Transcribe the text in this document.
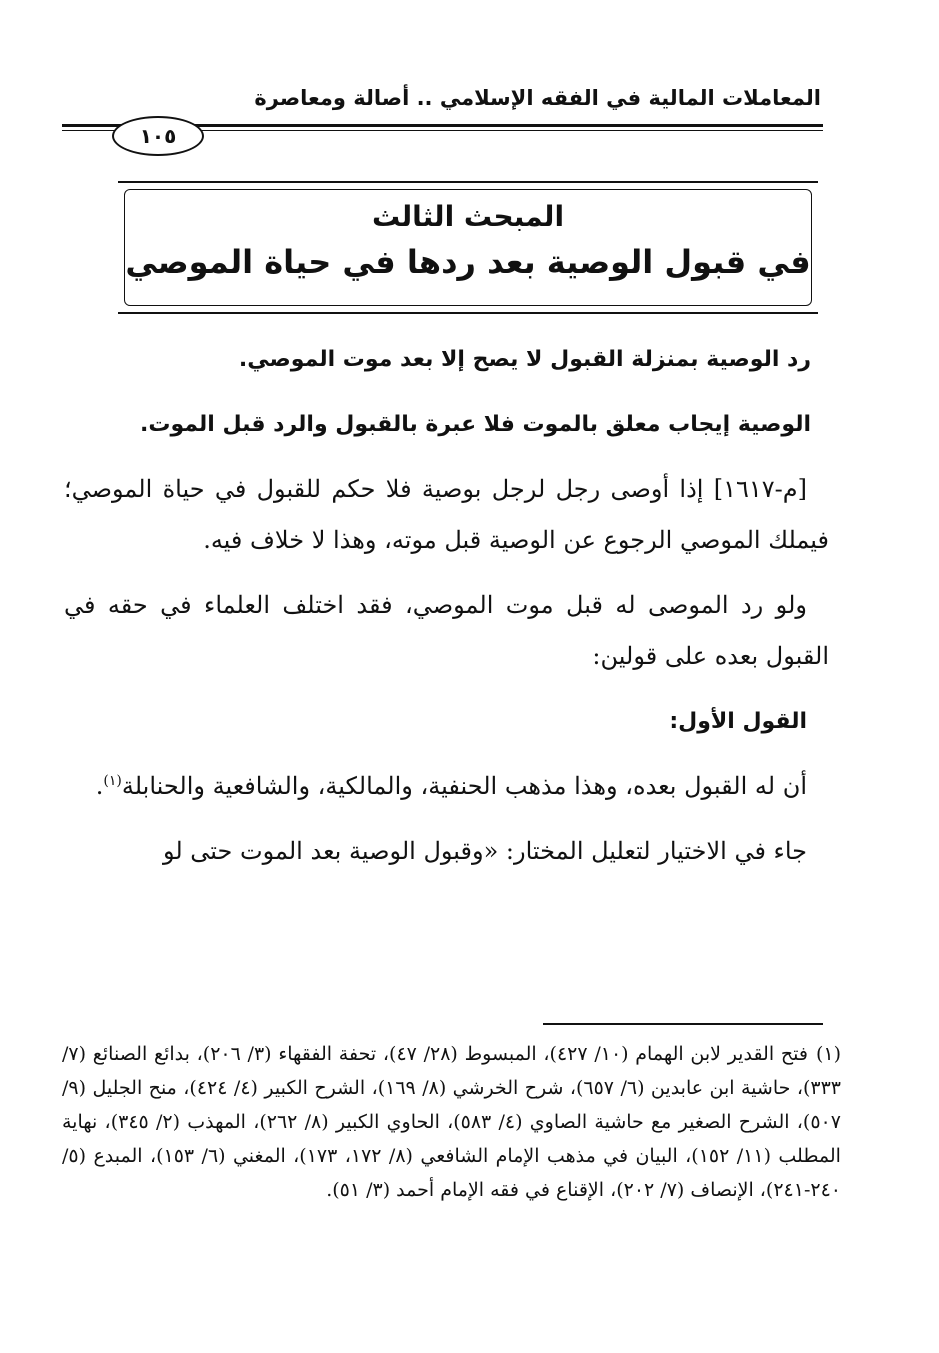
المعاملات المالية في الفقه الإسلامي .. أصالة ومعاصرة
١٠٥
المبحث الثالث
في قبول الوصية بعد ردها في حياة الموصي

رد الوصية بمنزلة القبول لا يصح إلا بعد موت الموصي.

الوصية إيجاب معلق بالموت فلا عبرة بالقبول والرد قبل الموت.

[م-١٦١٧] إذا أوصى رجل لرجل بوصية فلا حكم للقبول في حياة الموصي؛ فيملك الموصي الرجوع عن الوصية قبل موته، وهذا لا خلاف فيه.

ولو رد الموصى له قبل موت الموصي، فقد اختلف العلماء في حقه في القبول بعده على قولين:

القول الأول:

أن له القبول بعده، وهذا مذهب الحنفية، والمالكية، والشافعية والحنابلة$^{(١)}$.

جاء في الاختيار لتعليل المختار: «وقبول الوصية بعد الموت حتى لو

(١)فتح القدير لابن الهمام (١٠/ ٤٢٧)، المبسوط (٢٨/ ٤٧)، تحفة الفقهاء (٣/ ٢٠٦)، بدائع الصنائع (٧/ ٣٣٣)، حاشية ابن عابدين (٦/ ٦٥٧)، شرح الخرشي (٨/ ١٦٩)، الشرح الكبير (٤/ ٤٢٤)، منح الجليل (٩/ ٥٠٧)، الشرح الصغير مع حاشية الصاوي (٤/ ٥٨٣)، الحاوي الكبير (٨/ ٢٦٢)، المهذب (٢/ ٣٤٥)، نهاية المطلب (١١/ ١٥٢)، البيان في مذهب الإمام الشافعي (٨/ ١٧٢، ١٧٣)، المغني (٦/ ١٥٣)، المبدع (٥/ ٢٤٠-٢٤١)، الإنصاف (٧/ ٢٠٢)، الإقناع في فقه الإمام أحمد (٣/ ٥١).
